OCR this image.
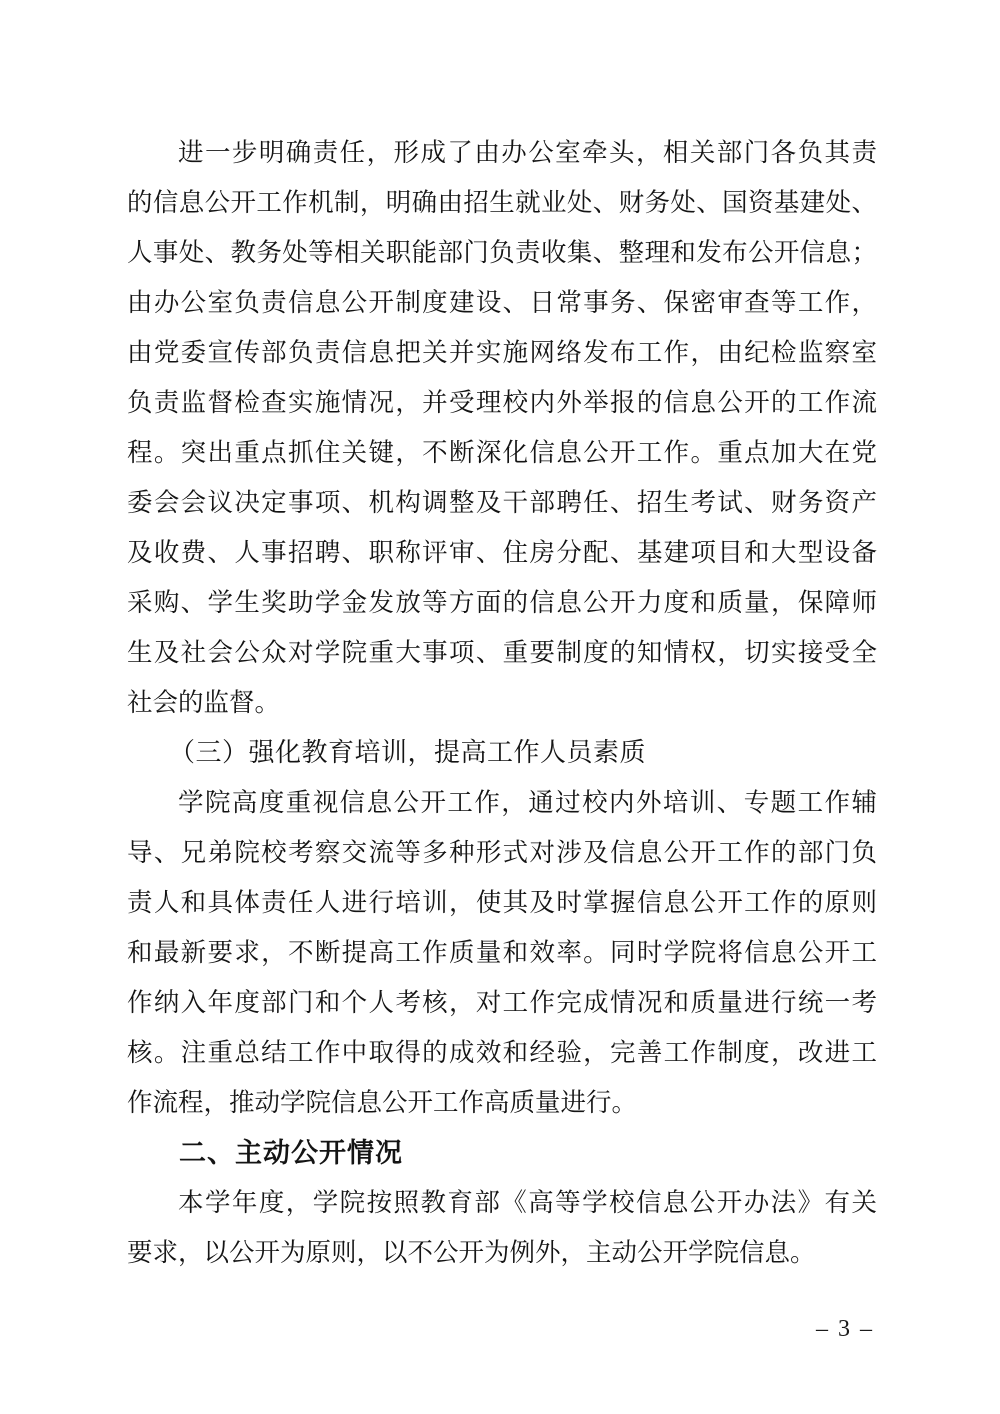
进一步明确责任，形成了由办公室牵头，相关部门各负其责
的信息公开工作机制，明确由招生就业处、财务处、国资基建处、
人事处、教务处等相关职能部门负责收集、整理和发布公开信息；
由办公室负责信息公开制度建设、日常事务、保密审查等工作，
由党委宣传部负责信息把关并实施网络发布工作，由纪检监察室
负责监督检查实施情况，并受理校内外举报的信息公开的工作流
程。突出重点抓住关键，不断深化信息公开工作。重点加大在党
委会会议决定事项、机构调整及干部聘任、招生考试、财务资产
及收费、人事招聘、职称评审、住房分配、基建项目和大型设备
采购、学生奖助学金发放等方面的信息公开力度和质量，保障师
生及社会公众对学院重大事项、重要制度的知情权，切实接受全
社会的监督。
（三）强化教育培训，提高工作人员素质
学院高度重视信息公开工作，通过校内外培训、专题工作辅
导、兄弟院校考察交流等多种形式对涉及信息公开工作的部门负
责人和具体责任人进行培训，使其及时掌握信息公开工作的原则
和最新要求，不断提高工作质量和效率。同时学院将信息公开工
作纳入年度部门和个人考核，对工作完成情况和质量进行统一考
核。注重总结工作中取得的成效和经验，完善工作制度，改进工
作流程，推动学院信息公开工作高质量进行。
二、主动公开情况
本学年度，学院按照教育部《高等学校信息公开办法》有关
要求，以公开为原则，以不公开为例外，主动公开学院信息。
– 3 –
